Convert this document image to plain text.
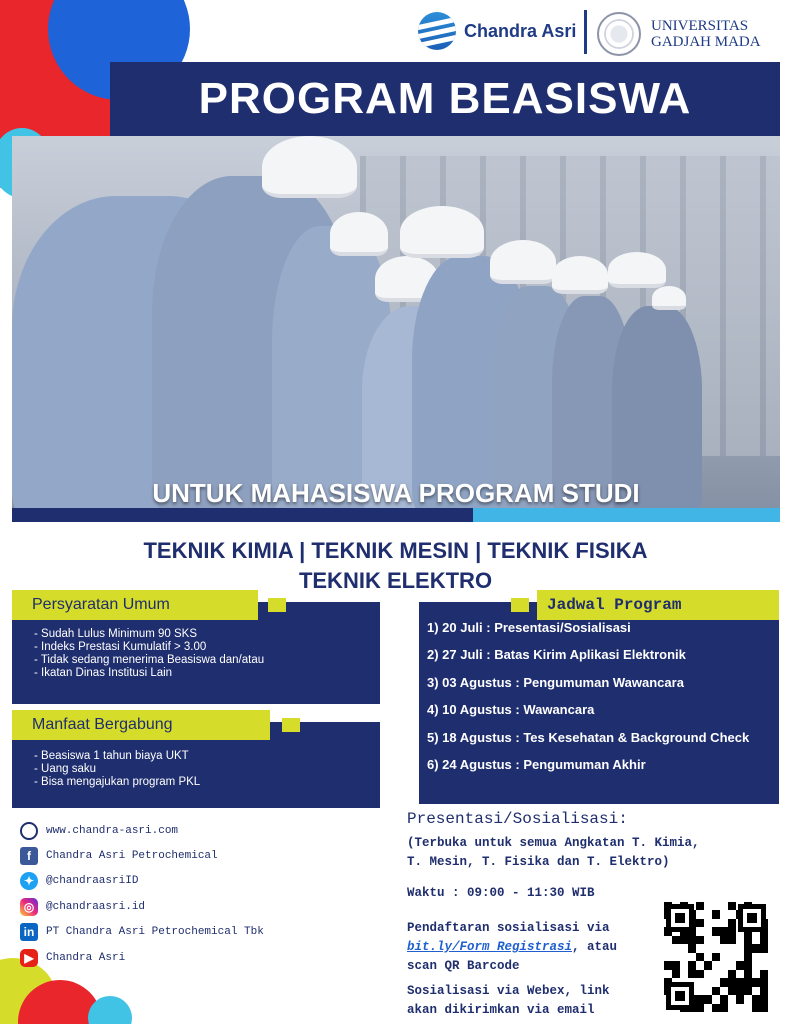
Chandra Asri	UNIVERSITAS
GADJAH MADA
PROGRAM BEASISWA
UNTUK MAHASISWA PROGRAM STUDI
TEKNIK KIMIA | TEKNIK MESIN | TEKNIK FISIKA
TEKNIK ELEKTRO
- Sudah Lulus Minimum 90 SKS
- Indeks Prestasi Kumulatif > 3.00
- Tidak sedang menerima Beasiswa dan/atau
- Ikatan Dinas Institusi Lain
Persyaratan Umum
- Beasiswa 1 tahun biaya UKT
- Uang saku
- Bisa mengajukan program PKL
Manfaat Bergabung
1) 20 Juli : Presentasi/Sosialisasi
2) 27 Juli : Batas Kirim Aplikasi Elektronik
3) 03 Agustus : Pengumuman Wawancara
4) 10 Agustus : Wawancara
5) 18 Agustus : Tes Kesehatan & Background Check
6) 24 Agustus : Pengumuman Akhir
Jadwal Program
www.chandra-asri.com
f	Chandra Asri Petrochemical
✦	@chandraasriID
◎	@chandraasri.id
in	PT Chandra Asri Petrochemical Tbk
▶	Chandra Asri
Presentasi/Sosialisasi:
(Terbuka untuk semua Angkatan T. Kimia,
T. Mesin, T. Fisika dan T. Elektro)
Waktu : 09:00 - 11:30 WIB
Pendaftaran sosialisasi via
bit.ly/Form Registrasi, atau
scan QR Barcode
Sosialisasi via Webex, link
akan dikirimkan via email
